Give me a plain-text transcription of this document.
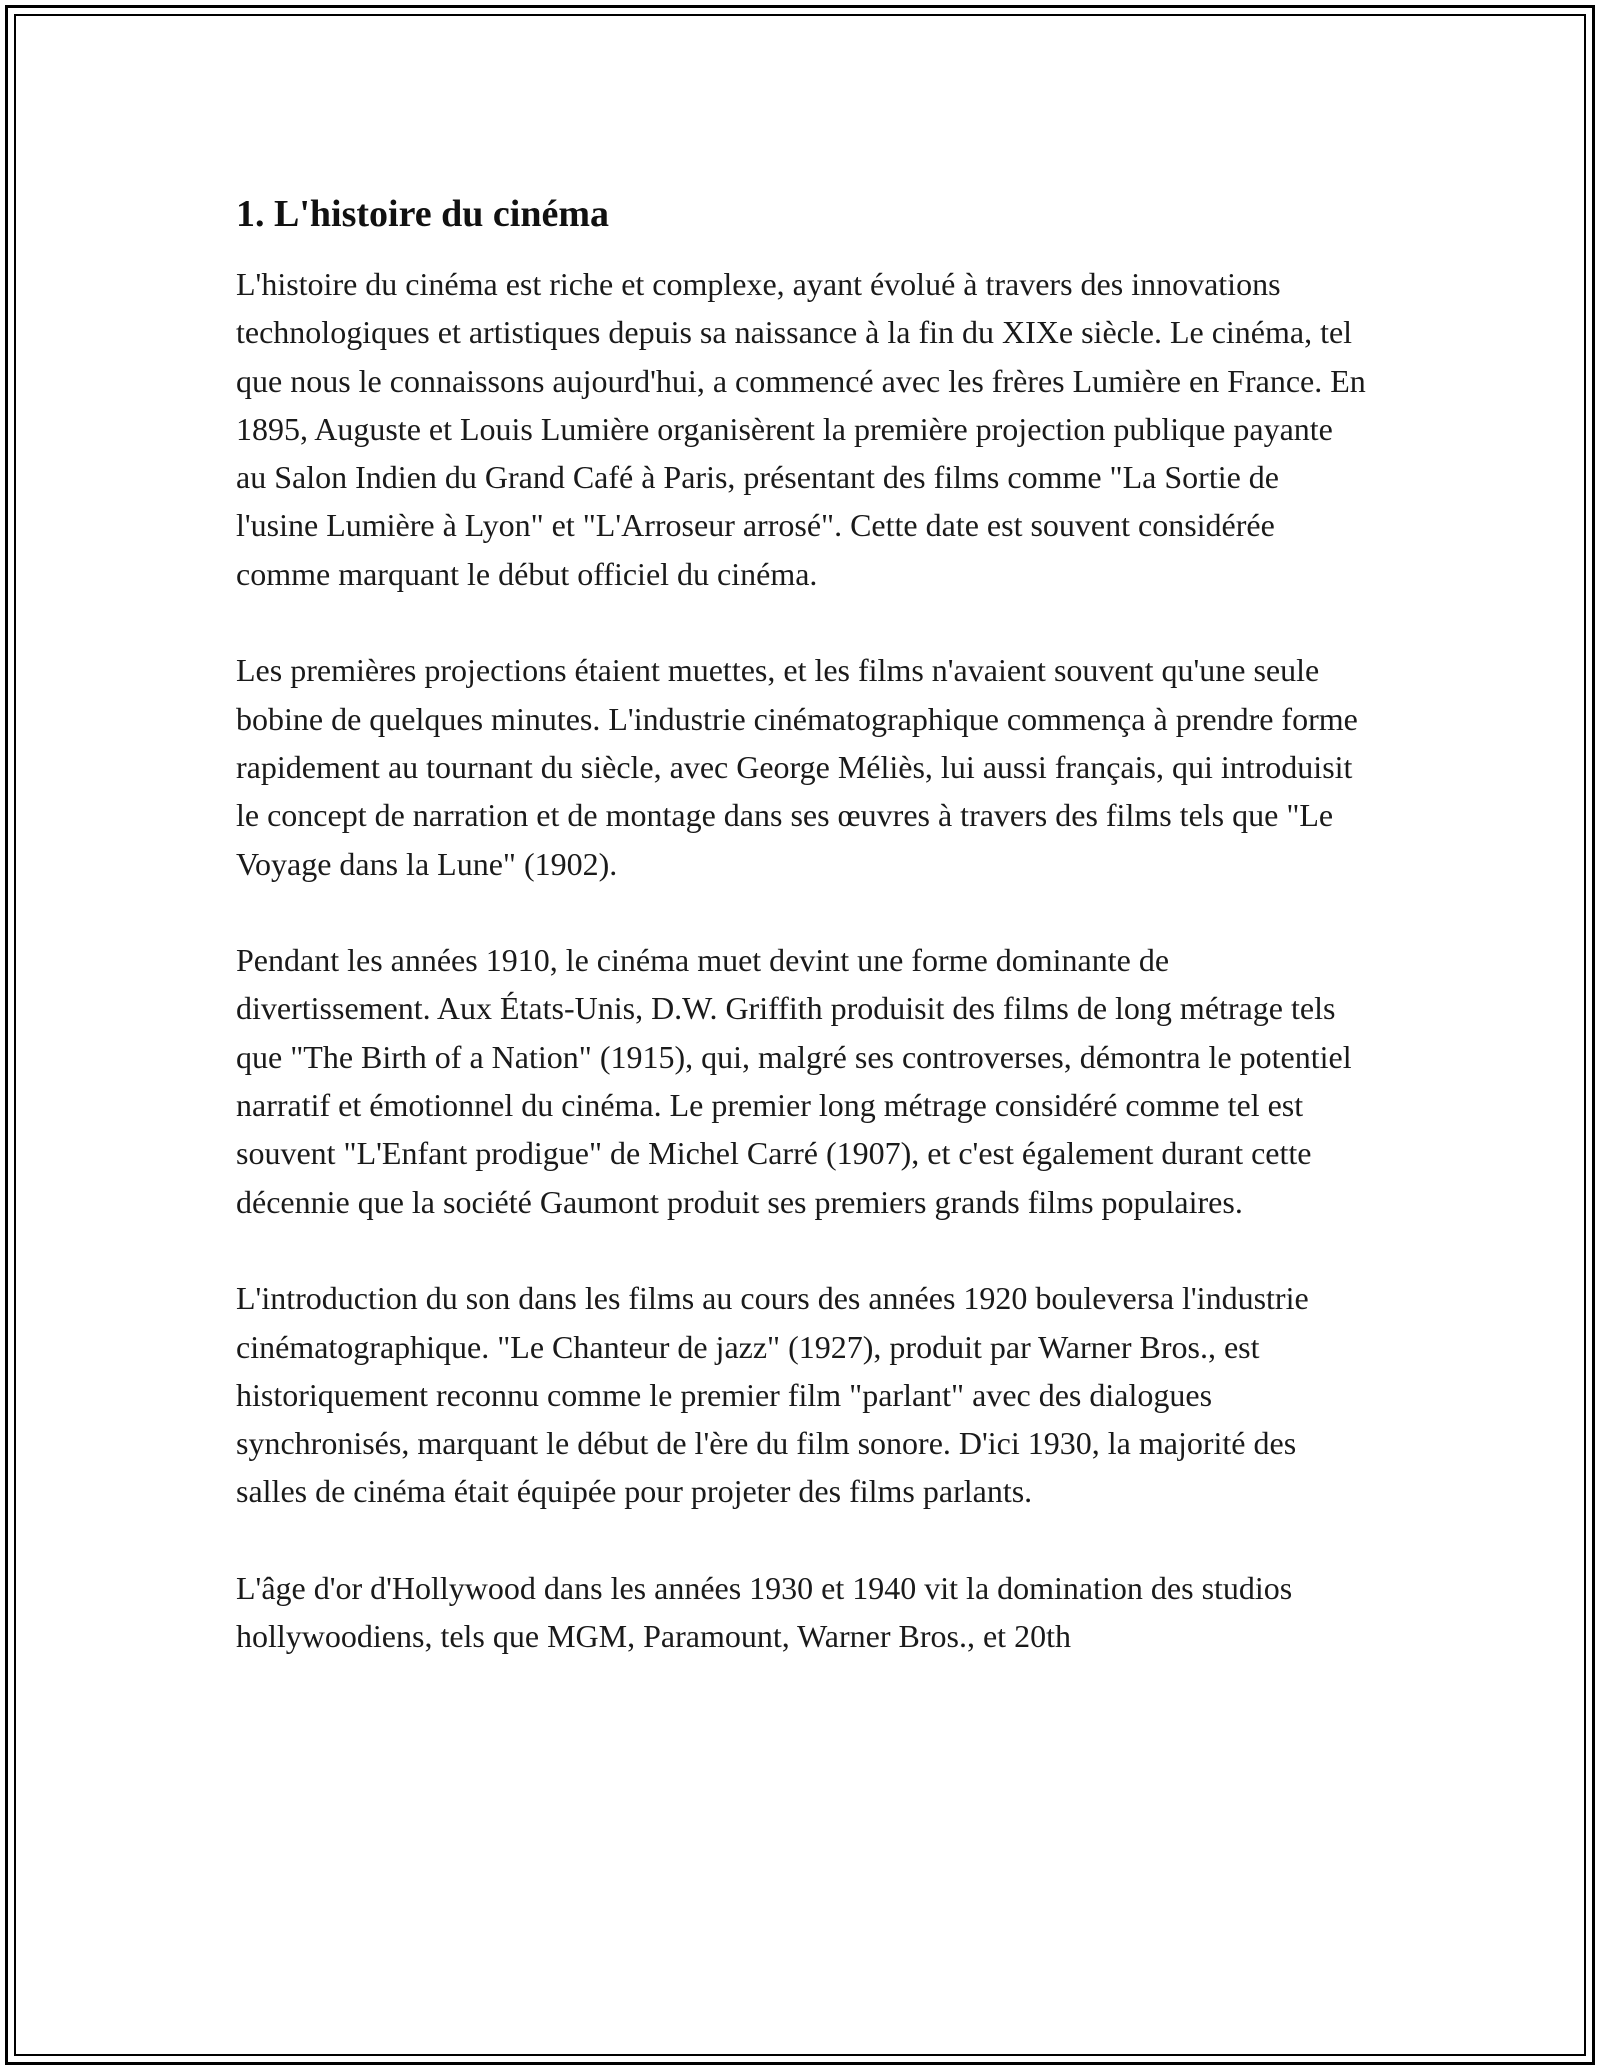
1. L'histoire du cinéma

L'histoire du cinéma est riche et complexe, ayant évolué à travers des innovations technologiques et artistiques depuis sa naissance à la fin du XIXe siècle. Le cinéma, tel que nous le connaissons aujourd'hui, a commencé avec les frères Lumière en France. En 1895, Auguste et Louis Lumière organisèrent la première projection publique payante au Salon Indien du Grand Café à Paris, présentant des films comme "La Sortie de l'usine Lumière à Lyon" et "L'Arroseur arrosé". Cette date est souvent considérée comme marquant le début officiel du cinéma.

Les premières projections étaient muettes, et les films n'avaient souvent qu'une seule bobine de quelques minutes. L'industrie cinématographique commença à prendre forme rapidement au tournant du siècle, avec George Méliès, lui aussi français, qui introduisit le concept de narration et de montage dans ses œuvres à travers des films tels que "Le Voyage dans la Lune" (1902).

Pendant les années 1910, le cinéma muet devint une forme dominante de divertissement. Aux États-Unis, D.W. Griffith produisit des films de long métrage tels que "The Birth of a Nation" (1915), qui, malgré ses controverses, démontra le potentiel narratif et émotionnel du cinéma. Le premier long métrage considéré comme tel est souvent "L'Enfant prodigue" de Michel Carré (1907), et c'est également durant cette décennie que la société Gaumont produit ses premiers grands films populaires.

L'introduction du son dans les films au cours des années 1920 bouleversa l'industrie cinématographique. "Le Chanteur de jazz" (1927), produit par Warner Bros., est historiquement reconnu comme le premier film "parlant" avec des dialogues synchronisés, marquant le début de l'ère du film sonore. D'ici 1930, la majorité des salles de cinéma était équipée pour projeter des films parlants.

L'âge d'or d'Hollywood dans les années 1930 et 1940 vit la domination des studios hollywoodiens, tels que MGM, Paramount, Warner Bros., et 20th
